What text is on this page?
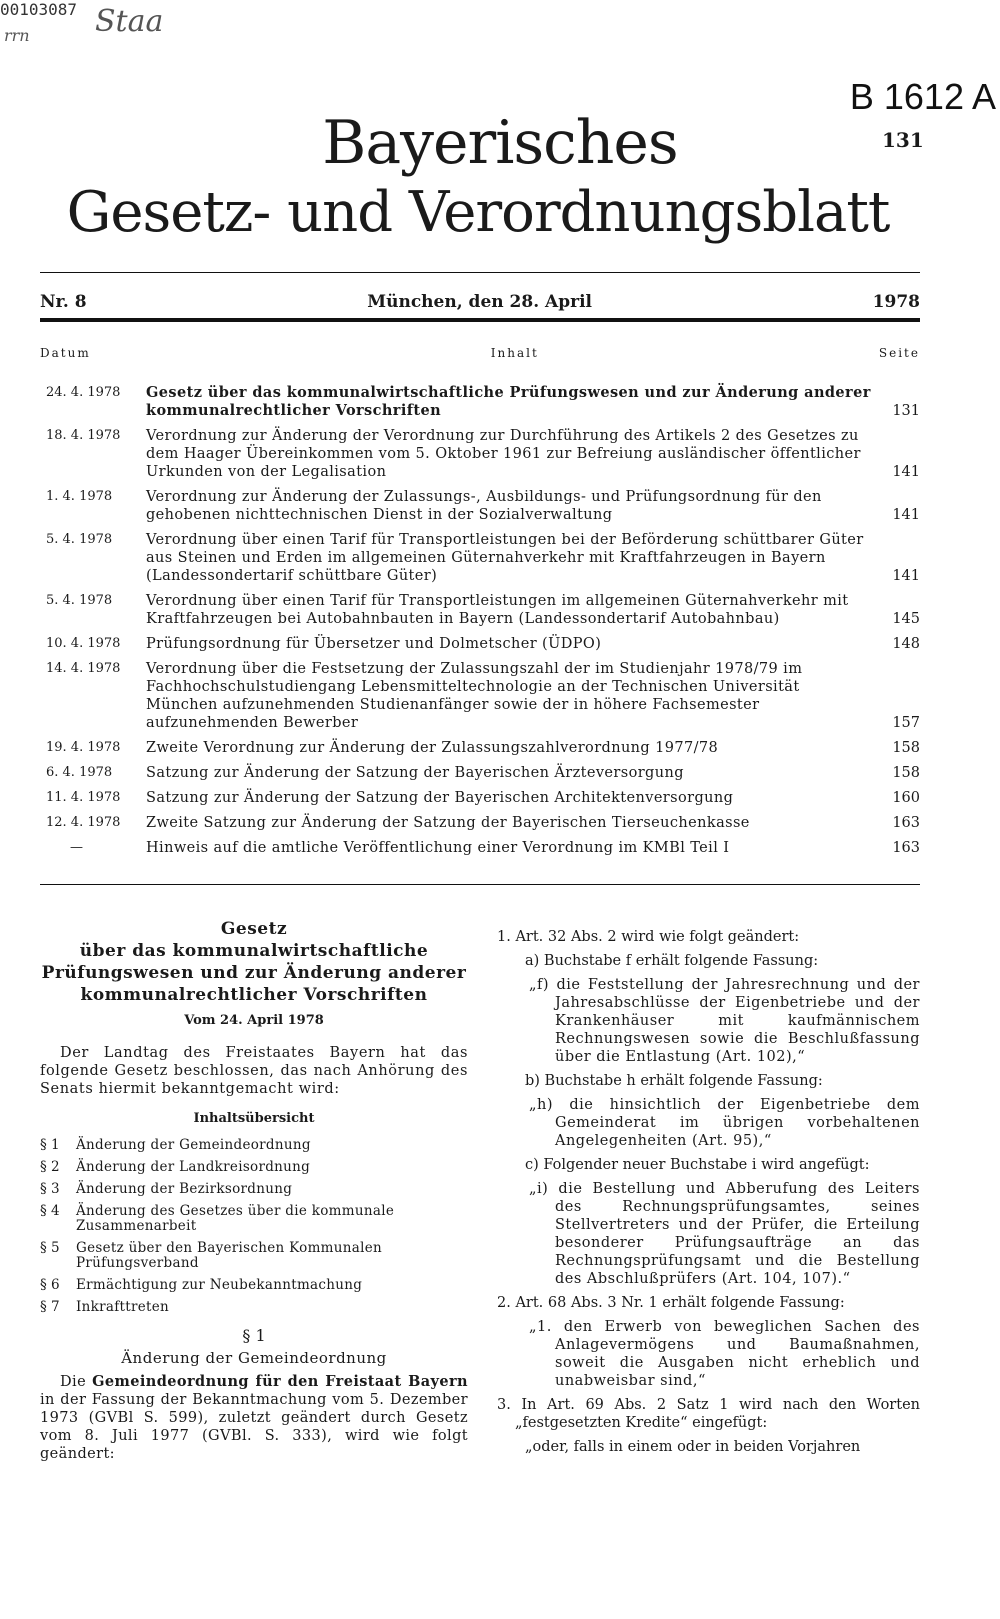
00103087 Staa
rrn
B 1612 A
131
Bayerisches
Gesetz- und Verordnungsblatt
Nr. 8	München, den 28. April	1978
Datum	Inhalt	Seite
24. 4. 1978	Gesetz über das kommunalwirtschaftliche Prüfungswesen und zur Änderung anderer kommunalrechtlicher Vorschriften	131
18. 4. 1978	Verordnung zur Änderung der Verordnung zur Durchführung des Artikels 2 des Gesetzes zu dem Haager Übereinkommen vom 5. Oktober 1961 zur Befreiung ausländischer öffentlicher Urkunden von der Legalisation	141
1. 4. 1978	Verordnung zur Änderung der Zulassungs-, Ausbildungs- und Prüfungsordnung für den gehobenen nichttechnischen Dienst in der Sozialverwaltung	141
5. 4. 1978	Verordnung über einen Tarif für Transportleistungen bei der Beförderung schüttbarer Güter aus Steinen und Erden im allgemeinen Güternahverkehr mit Kraftfahrzeugen in Bayern (Landessondertarif schüttbare Güter)	141
5. 4. 1978	Verordnung über einen Tarif für Transportleistungen im allgemeinen Güternahverkehr mit Kraftfahrzeugen bei Autobahnbauten in Bayern (Landessondertarif Autobahnbau)	145
10. 4. 1978	Prüfungsordnung für Übersetzer und Dolmetscher (ÜDPO)	148
14. 4. 1978	Verordnung über die Festsetzung der Zulassungszahl der im Studienjahr 1978/79 im Fachhochschulstudiengang Lebensmitteltechnologie an der Technischen Universität München aufzunehmenden Studienanfänger sowie der in höhere Fachsemester aufzunehmenden Bewerber	157
19. 4. 1978	Zweite Verordnung zur Änderung der Zulassungszahlverordnung 1977/78	158
6. 4. 1978	Satzung zur Änderung der Satzung der Bayerischen Ärzteversorgung	158
11. 4. 1978	Satzung zur Änderung der Satzung der Bayerischen Architektenversorgung	160
12. 4. 1978	Zweite Satzung zur Änderung der Satzung der Bayerischen Tierseuchenkasse	163
—	Hinweis auf die amtliche Veröffentlichung einer Verordnung im KMBl Teil I	163
Gesetz
über das kommunalwirtschaftliche
Prüfungswesen und zur Änderung anderer
kommunalrechtlicher Vorschriften
Vom 24. April 1978
Der Landtag des Freistaates Bayern hat das folgende Gesetz beschlossen, das nach Anhörung des Senats hiermit bekanntgemacht wird:
Inhaltsübersicht
§ 1	Änderung der Gemeindeordnung
§ 2	Änderung der Landkreisordnung
§ 3	Änderung der Bezirksordnung
§ 4	Änderung des Gesetzes über die kommunale Zusammenarbeit
§ 5	Gesetz über den Bayerischen Kommunalen Prüfungsverband
§ 6	Ermächtigung zur Neubekanntmachung
§ 7	Inkrafttreten
§ 1
Änderung der Gemeindeordnung
Die Gemeindeordnung für den Freistaat Bayern in der Fassung der Bekanntmachung vom 5. Dezember 1973 (GVBl S. 599), zuletzt geändert durch Gesetz vom 8. Juli 1977 (GVBl. S. 333), wird wie folgt geändert:
1. Art. 32 Abs. 2 wird wie folgt geändert:
a) Buchstabe f erhält folgende Fassung:
„f) die Feststellung der Jahresrechnung und der Jahresabschlüsse der Eigenbetriebe und der Krankenhäuser mit kaufmännischem Rechnungswesen sowie die Beschlußfassung über die Entlastung (Art. 102),“
b) Buchstabe h erhält folgende Fassung:
„h) die hinsichtlich der Eigenbetriebe dem Gemeinderat im übrigen vorbehaltenen Angelegenheiten (Art. 95),“
c) Folgender neuer Buchstabe i wird angefügt:
„i) die Bestellung und Abberufung des Leiters des Rechnungsprüfungsamtes, seines Stellvertreters und der Prüfer, die Erteilung besonderer Prüfungsaufträge an das Rechnungsprüfungsamt und die Bestellung des Abschlußprüfers (Art. 104, 107).“
2. Art. 68 Abs. 3 Nr. 1 erhält folgende Fassung:
„1. den Erwerb von beweglichen Sachen des Anlagevermögens und Baumaßnahmen, soweit die Ausgaben nicht erheblich und unabweisbar sind,“
3. In Art. 69 Abs. 2 Satz 1 wird nach den Worten „festgesetzten Kredite“ eingefügt:
„oder, falls in einem oder in beiden Vorjahren
